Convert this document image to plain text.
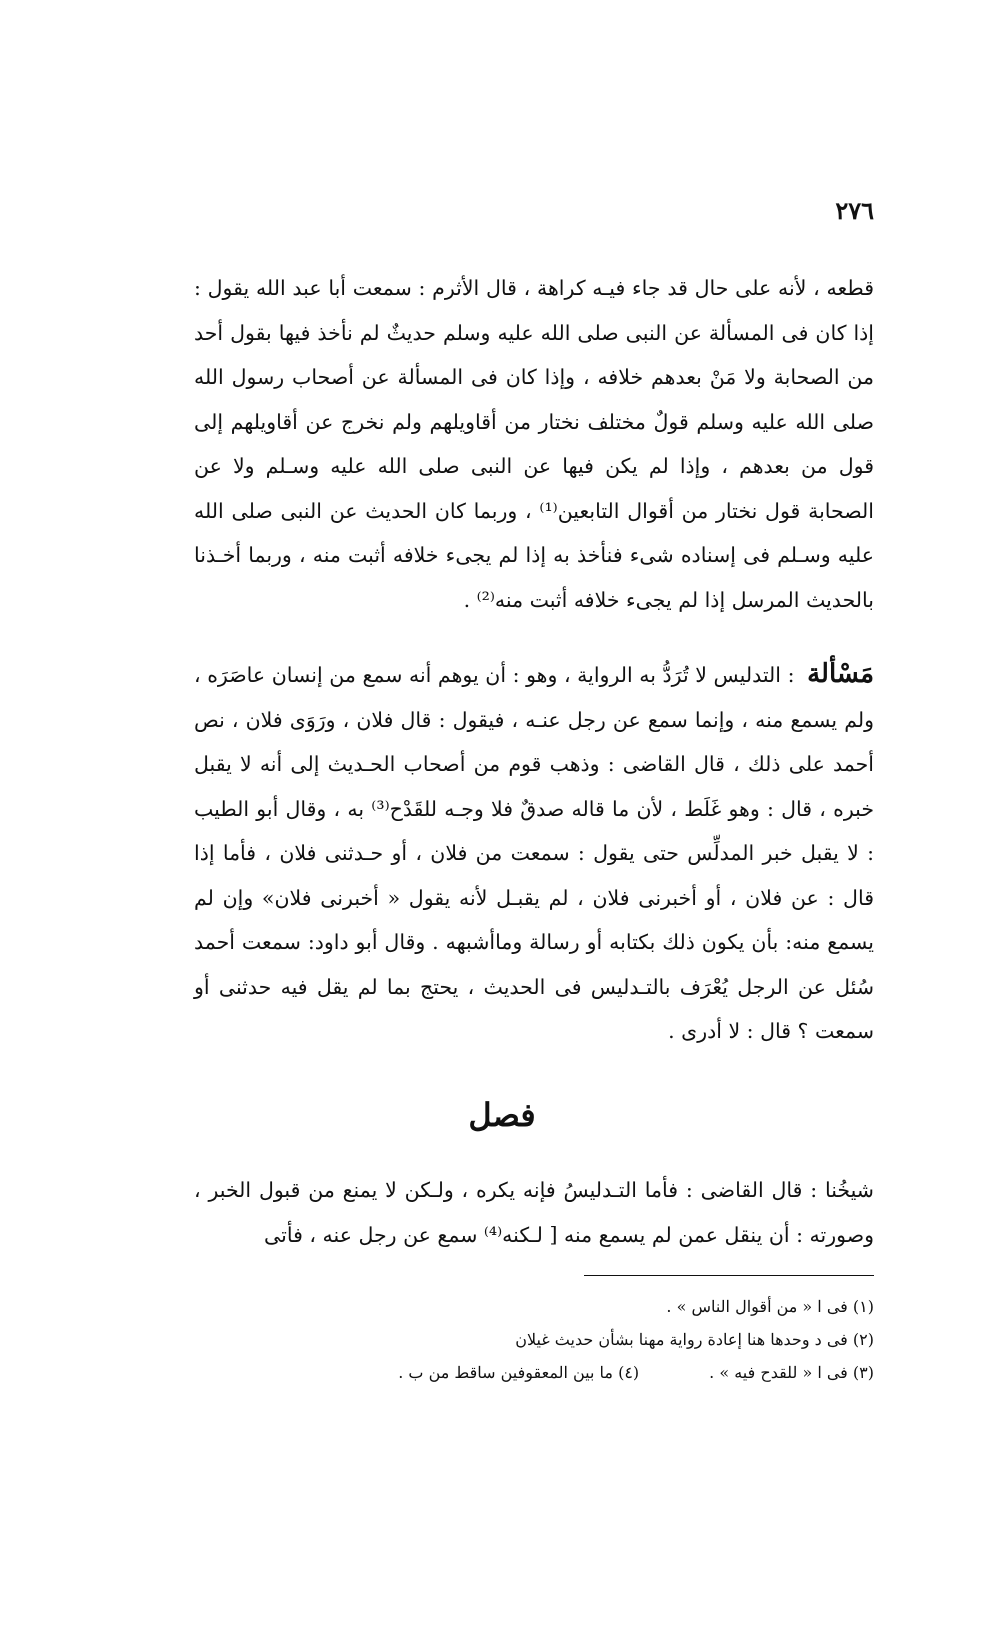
٢٧٦

قطعه ، لأنه على حال قد جاء فيـه كراهة ، قال الأثرم : سمعت أبا عبد الله يقول : إذا كان فى المسألة عن النبى صلى الله عليه وسلم حديثٌ لم نأخذ فيها بقول أحد من الصحابة ولا مَنْ بعدهم خلافه ، وإذا كان فى المسألة عن أصحاب رسول الله صلى الله عليه وسلم قولٌ مختلف نختار من أقاويلهم ولم نخرج عن أقاويلهم إلى قول من بعدهم ، وإذا لم يكن فيها عن النبى صلى الله عليه وسـلم ولا عن الصحابة قول نختار من أقوال التابعين⁽¹⁾ ، وربما كان الحديث عن النبى صلى الله عليه وسـلم فى إسناده شىء فنأخذ به إذا لم يجىء خلافه أثبت منه ، وربما أخـذنا بالحديث المرسل إذا لم يجىء خلافه أثبت منه⁽²⁾ .

مَسْألة : التدليس لا تُرَدُّ به الرواية ، وهو : أن يوهم أنه سمع من إنسان عاصَرَه ، ولم يسمع منه ، وإنما سمع عن رجل عنـه ، فيقول : قال فلان ، ورَوَى فلان ، نص أحمد على ذلك ، قال القاضى : وذهب قوم من أصحاب الحـديث إلى أنه لا يقبل خبره ، قال : وهو غَلَط ، لأن ما قاله صدقٌ فلا وجـه للقَدْح⁽³⁾ به ، وقال أبو الطيب : لا يقبل خبر المدلِّس حتى يقول : سمعت من فلان ، أو حـدثنى فلان ، فأما إذا قال : عن فلان ، أو أخبرنى فلان ، لم يقبـل لأنه يقول « أخبرنى فلان» وإن لم يسمع منه: بأن يكون ذلك بكتابه أو رسالة وماأشبهه . وقال أبو داود: سمعت أحمد سُئل عن الرجل يُعْرَف بالتـدليس فى الحديث ، يحتج بما لم يقل فيه حدثنى أو سمعت ؟ قال : لا أدرى .

فصل

شيخُنا : قال القاضى : فأما التـدليسُ فإنه يكره ، ولـكن لا يمنع من قبول الخبر ، وصورته : أن ينقل عمن لم يسمع منه [ لـكنه⁽⁴⁾ سمع عن رجل عنه ، فأتى

(١) فى ا « من أقوال الناس » .
(٢) فى د وحدها هنا إعادة رواية مهنا بشأن حديث غيلان
(٣) فى ا « للقدح فيه » .
(٤) ما بين المعقوفين ساقط من ب .
